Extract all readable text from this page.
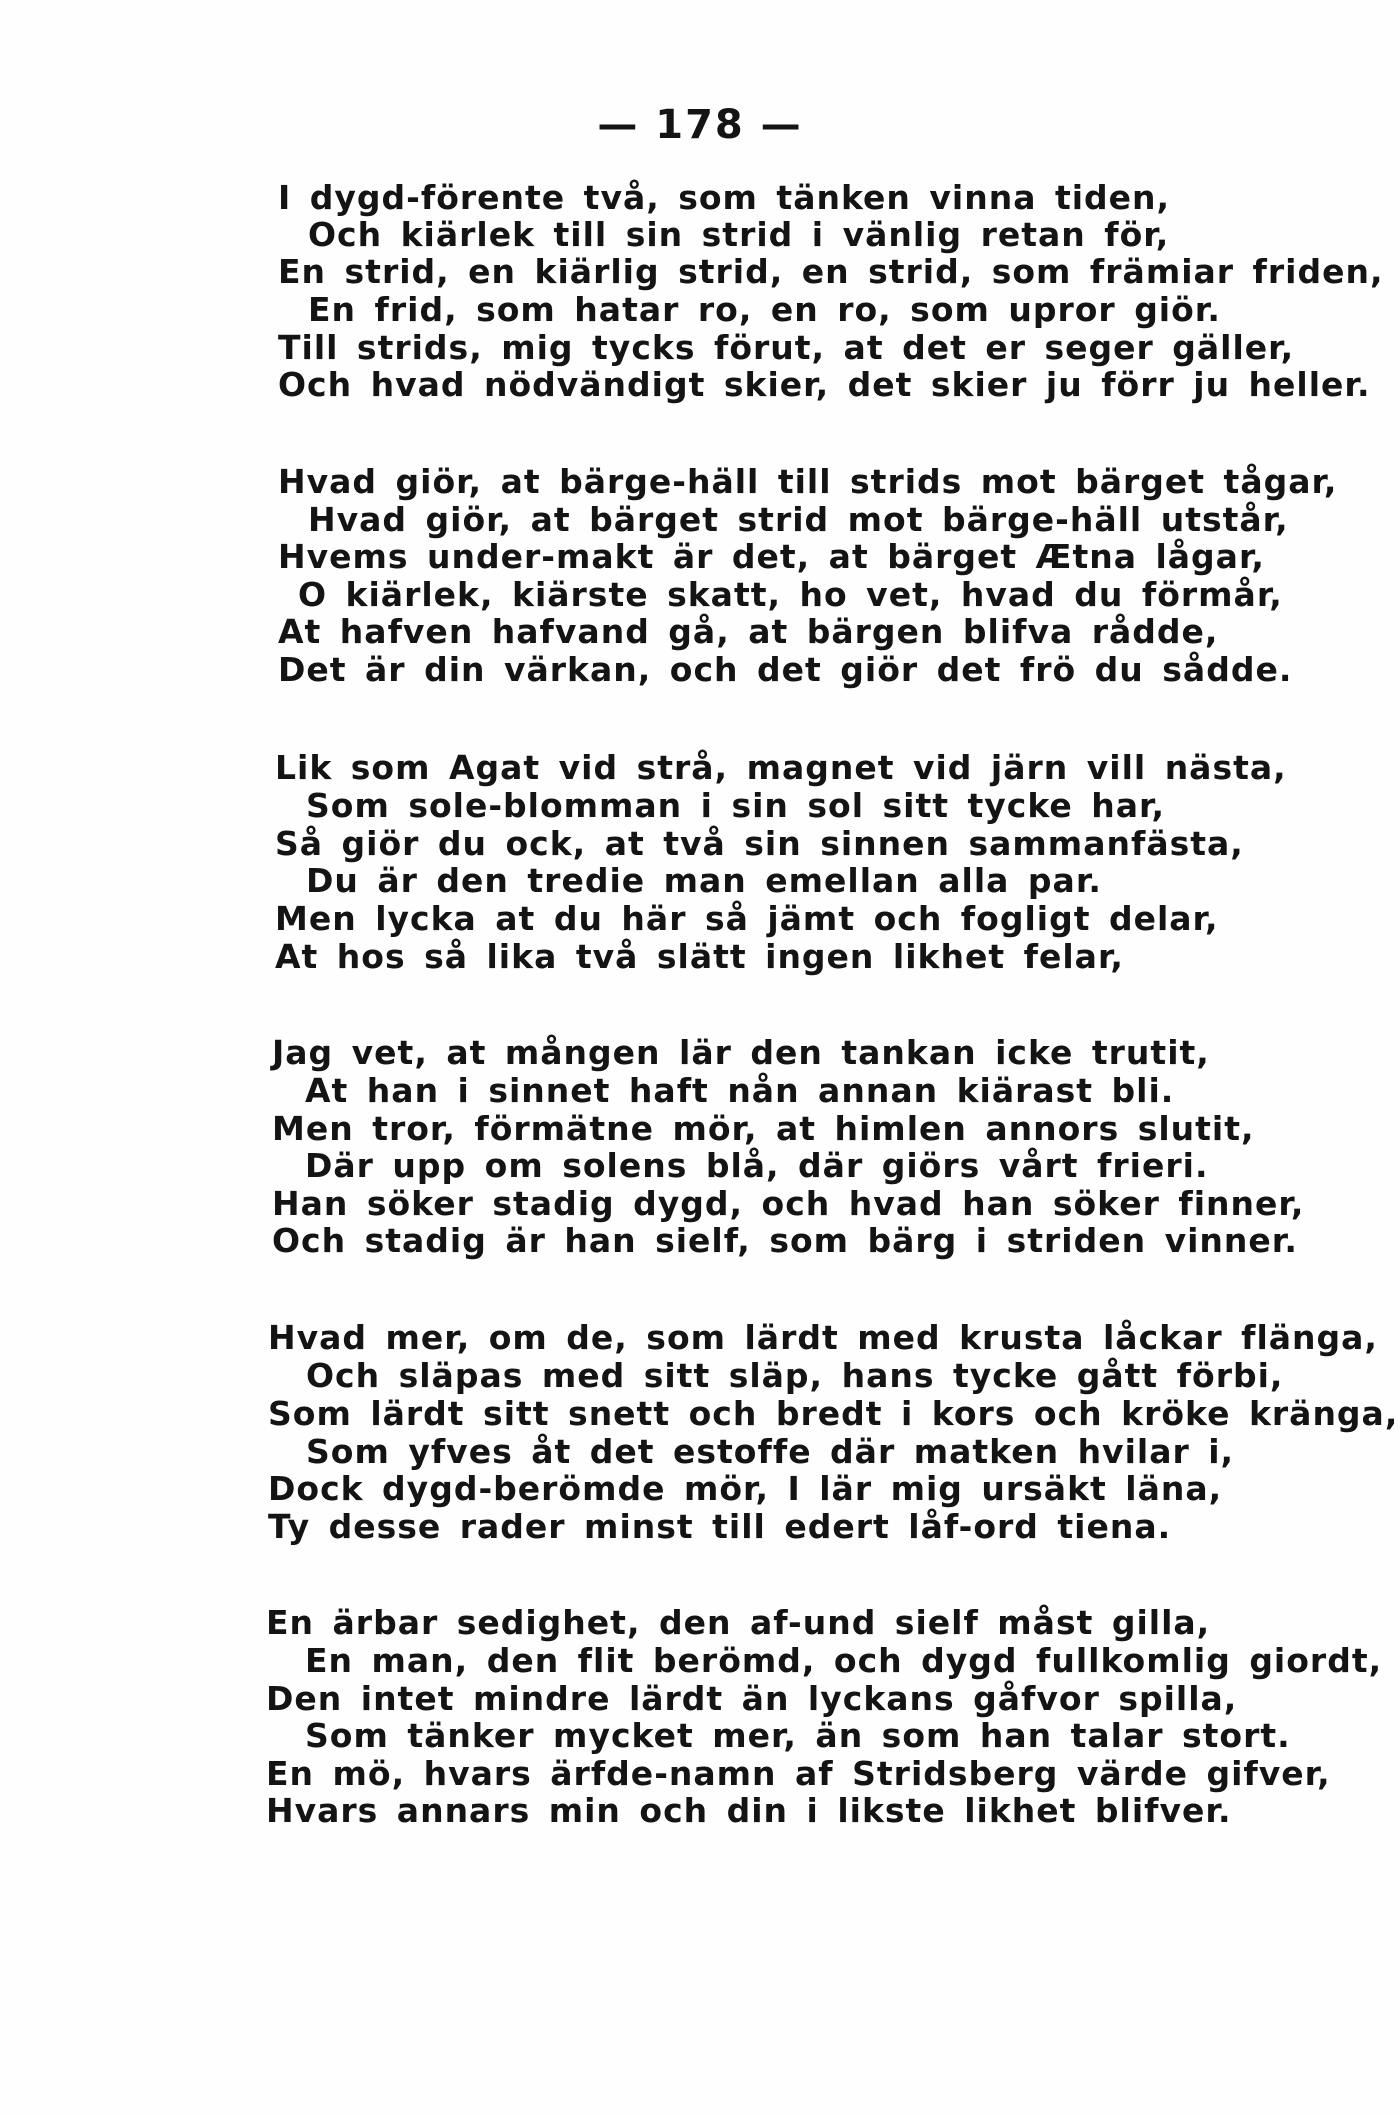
— 178 —
I dygd-förente två, som tänken vinna tiden,
Och kiärlek till sin strid i vänlig retan för,
En strid, en kiärlig strid, en strid, som främiar friden,
En frid, som hatar ro, en ro, som upror giör.
Till strids, mig tycks förut, at det er seger gäller,
Och hvad nödvändigt skier, det skier ju förr ju heller.
Hvad giör, at bärge-häll till strids mot bärget tågar,
Hvad giör, at bärget strid mot bärge-häll utstår,
Hvems under-makt är det, at bärget Ætna lågar,
O kiärlek, kiärste skatt, ho vet, hvad du förmår,
At hafven hafvand gå, at bärgen blifva rådde,
Det är din värkan, och det giör det frö du sådde.
Lik som Agat vid strå, magnet vid järn vill nästa,
Som sole-blomman i sin sol sitt tycke har,
Så giör du ock, at två sin sinnen sammanfästa,
Du är den tredie man emellan alla par.
Men lycka at du här så jämt och fogligt delar,
At hos så lika två slätt ingen likhet felar,
Jag vet, at mången lär den tankan icke trutit,
At han i sinnet haft nån annan kiärast bli.
Men tror, förmätne mör, at himlen annors slutit,
Där upp om solens blå, där giörs vårt frieri.
Han söker stadig dygd, och hvad han söker finner,
Och stadig är han sielf, som bärg i striden vinner.
Hvad mer, om de, som lärdt med krusta låckar flänga,
Och släpas med sitt släp, hans tycke gått förbi,
Som lärdt sitt snett och bredt i kors och kröke kränga,
Som yfves åt det estoffe där matken hvilar i,
Dock dygd-berömde mör, I lär mig ursäkt läna,
Ty desse rader minst till edert låf-ord tiena.
En ärbar sedighet, den af-und sielf måst gilla,
En man, den flit berömd, och dygd fullkomlig giordt,
Den intet mindre lärdt än lyckans gåfvor spilla,
Som tänker mycket mer, än som han talar stort.
En mö, hvars ärfde-namn af Stridsberg värde gifver,
Hvars annars min och din i likste likhet blifver.
